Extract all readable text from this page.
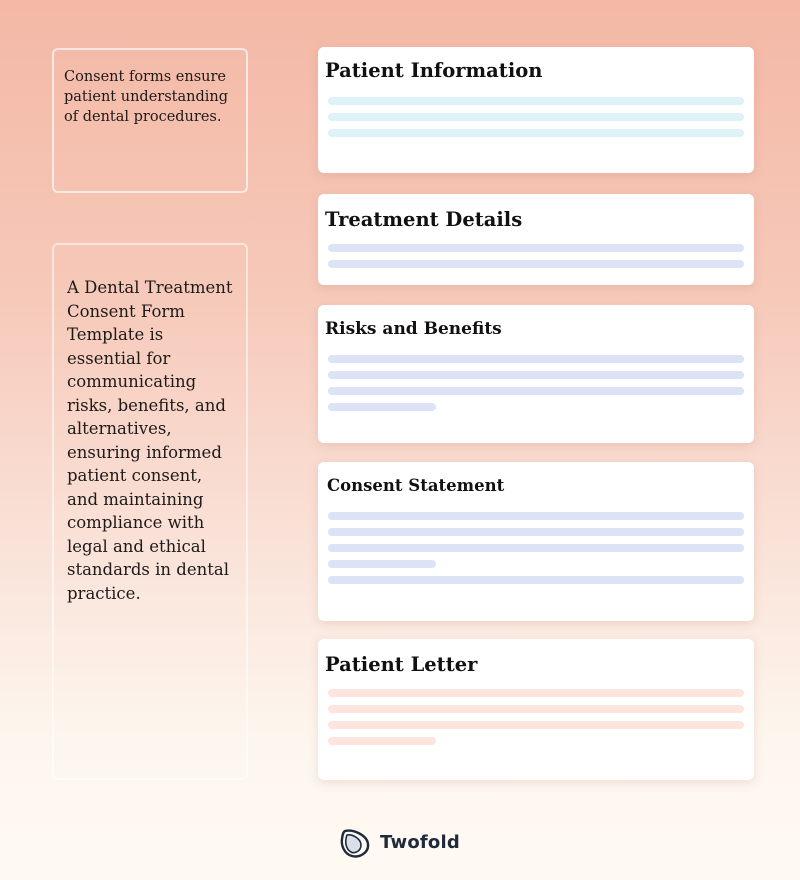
Consent forms ensure patient understanding of dental procedures.
A Dental Treatment Consent Form Template is essential for communicating risks, benefits, and alternatives, ensuring informed patient consent, and maintaining compliance with legal and ethical standards in dental practice.
Patient Information
Treatment Details
Risks and Benefits
Consent Statement
Patient Letter
Twofold
